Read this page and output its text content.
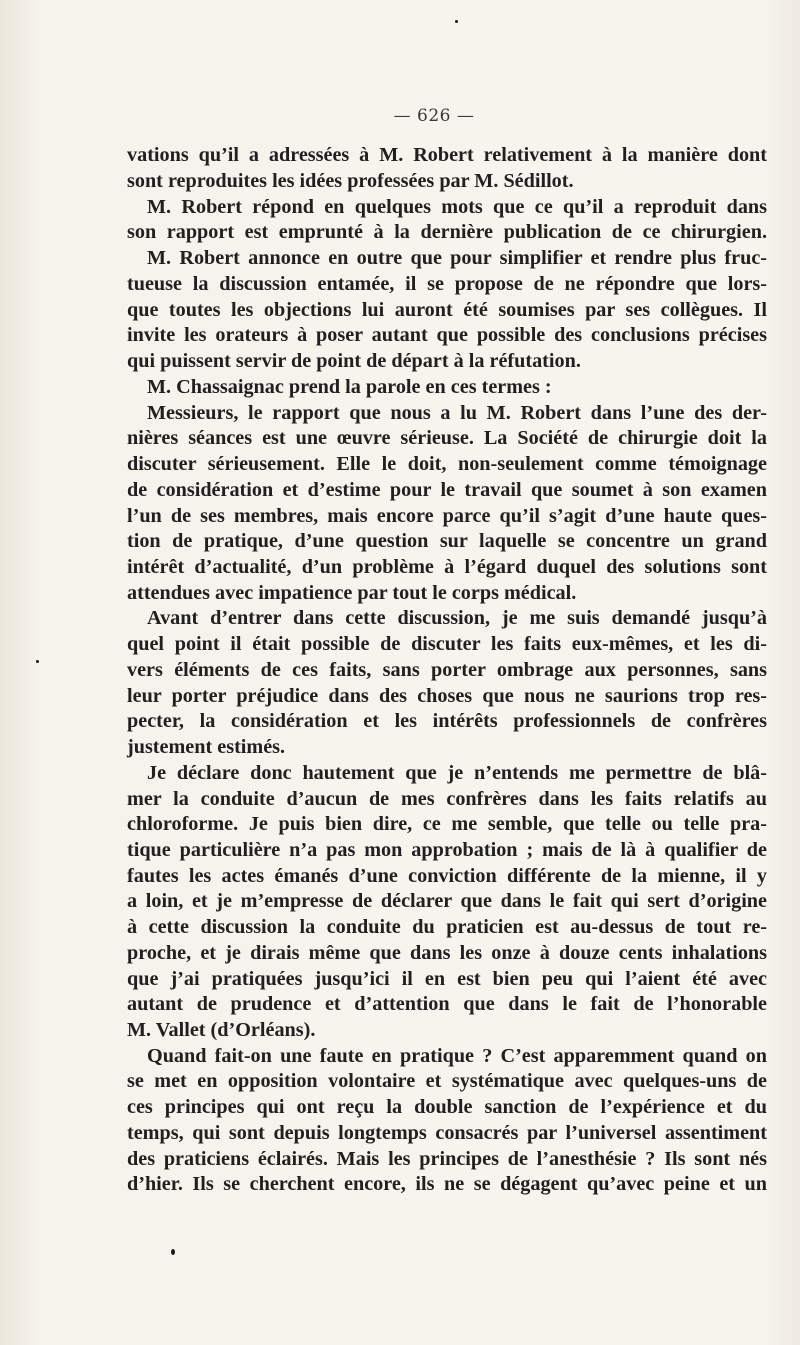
— 626 —
vations qu’il a adressées à M. Robert relativement à la manière dont
sont reproduites les idées professées par M. Sédillot.
M. Robert répond en quelques mots que ce qu’il a reproduit dans
son rapport est emprunté à la dernière publication de ce chirurgien.
M. Robert annonce en outre que pour simplifier et rendre plus fruc-
tueuse la discussion entamée, il se propose de ne répondre que lors-
que toutes les objections lui auront été soumises par ses collègues. Il
invite les orateurs à poser autant que possible des conclusions précises
qui puissent servir de point de départ à la réfutation.
M. Chassaignac prend la parole en ces termes :
Messieurs, le rapport que nous a lu M. Robert dans l’une des der-
nières séances est une œuvre sérieuse. La Société de chirurgie doit la
discuter sérieusement. Elle le doit, non-seulement comme témoignage
de considération et d’estime pour le travail que soumet à son examen
l’un de ses membres, mais encore parce qu’il s’agit d’une haute ques-
tion de pratique, d’une question sur laquelle se concentre un grand
intérêt d’actualité, d’un problème à l’égard duquel des solutions sont
attendues avec impatience par tout le corps médical.
Avant d’entrer dans cette discussion, je me suis demandé jusqu’à
quel point il était possible de discuter les faits eux-mêmes, et les di-
vers éléments de ces faits, sans porter ombrage aux personnes, sans
leur porter préjudice dans des choses que nous ne saurions trop res-
pecter, la considération et les intérêts professionnels de confrères
justement estimés.
Je déclare donc hautement que je n’entends me permettre de blâ-
mer la conduite d’aucun de mes confrères dans les faits relatifs au
chloroforme. Je puis bien dire, ce me semble, que telle ou telle pra-
tique particulière n’a pas mon approbation ; mais de là à qualifier de
fautes les actes émanés d’une conviction différente de la mienne, il y
a loin, et je m’empresse de déclarer que dans le fait qui sert d’origine
à cette discussion la conduite du praticien est au-dessus de tout re-
proche, et je dirais même que dans les onze à douze cents inhalations
que j’ai pratiquées jusqu’ici il en est bien peu qui l’aient été avec
autant de prudence et d’attention que dans le fait de l’honorable
M. Vallet (d’Orléans).
Quand fait-on une faute en pratique ? C’est apparemment quand on
se met en opposition volontaire et systématique avec quelques-uns de
ces principes qui ont reçu la double sanction de l’expérience et du
temps, qui sont depuis longtemps consacrés par l’universel assentiment
des praticiens éclairés. Mais les principes de l’anesthésie ? Ils sont nés
d’hier. Ils se cherchent encore, ils ne se dégagent qu’avec peine et un
